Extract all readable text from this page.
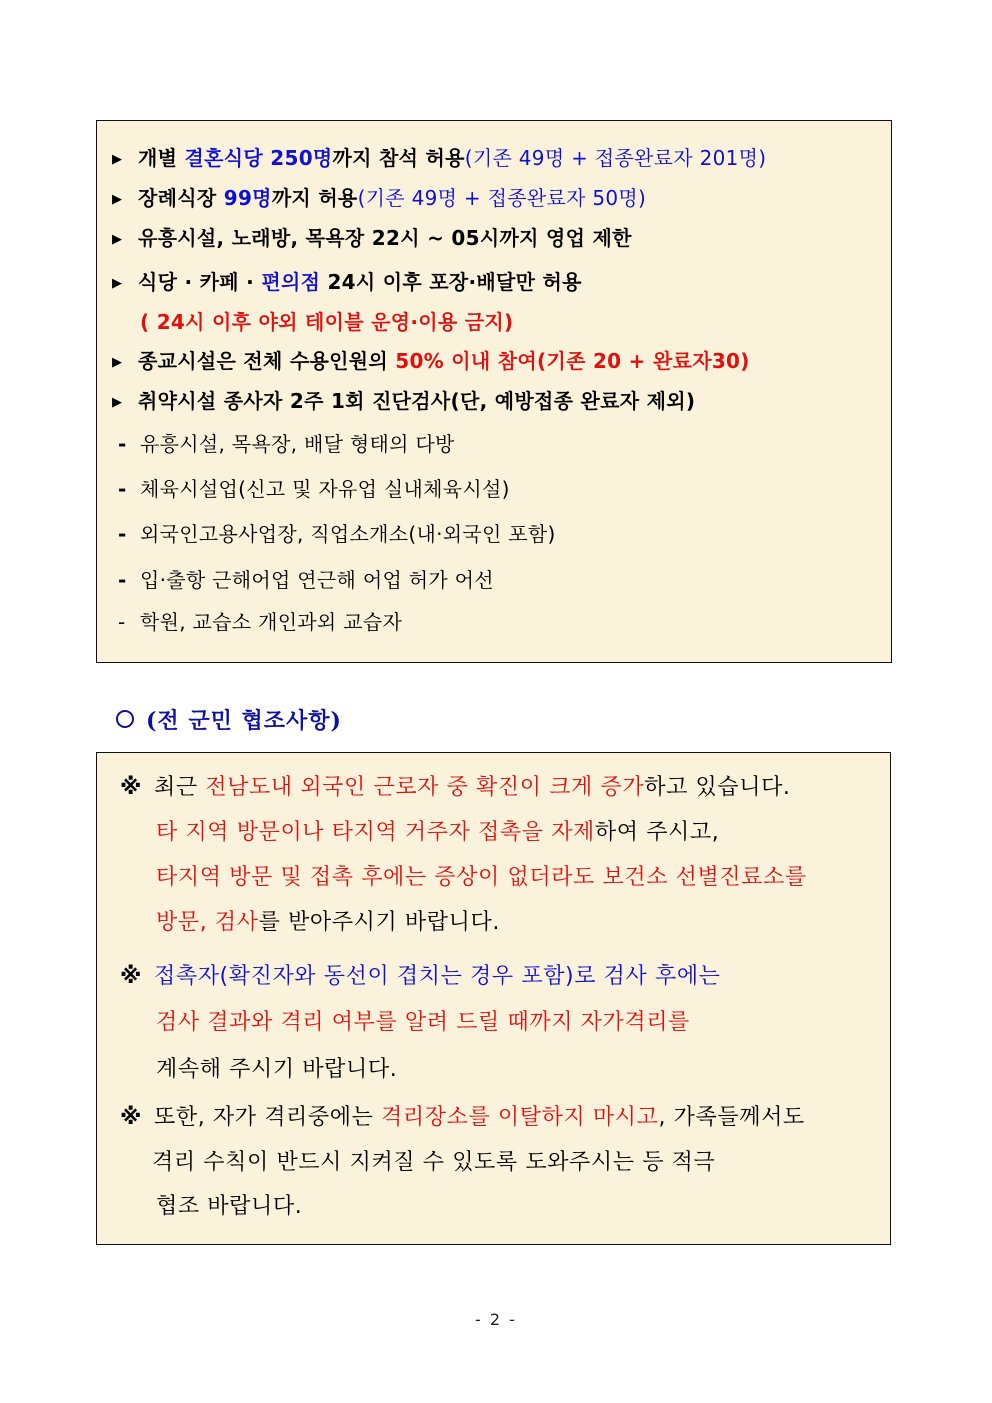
▶ 개별 결혼식당 250명까지 참석 허용(기존 49명 + 접종완료자 201명)
▶ 장례식장 99명까지 허용(기존 49명 + 접종완료자 50명)
▶ 유흥시설, 노래방, 목욕장 22시 ~ 05시까지 영업 제한
▶ 식당 · 카페 · 편의점 24시 이후 포장·배달만 허용
( 24시 이후 야외 테이블 운영·이용 금지)
▶ 종교시설은 전체 수용인원의 50% 이내 참여(기존 20 + 완료자30)
▶ 취약시설 종사자 2주 1회 진단검사(단, 예방접종 완료자 제외)
- 유흥시설, 목욕장, 배달 형태의 다방
- 체육시설업(신고 및 자유업 실내체육시설)
- 외국인고용사업장, 직업소개소(내·외국인 포함)
- 입·출항 근해어업 연근해 어업 허가 어선
- 학원, 교습소 개인과외 교습자
(전 군민 협조사항)
※ 최근 전남도내 외국인 근로자 중 확진이 크게 증가하고 있습니다.
타 지역 방문이나 타지역 거주자 접촉을 자제하여 주시고,
타지역 방문 및 접촉 후에는 증상이 없더라도 보건소 선별진료소를
방문, 검사를 받아주시기 바랍니다.
※ 접촉자(확진자와 동선이 겹치는 경우 포함)로 검사 후에는
검사 결과와 격리 여부를 알려 드릴 때까지 자가격리를
계속해 주시기 바랍니다.
※ 또한, 자가 격리중에는 격리장소를 이탈하지 마시고, 가족들께서도
격리 수칙이 반드시 지켜질 수 있도록 도와주시는 등 적극
협조 바랍니다.
- 2 -
